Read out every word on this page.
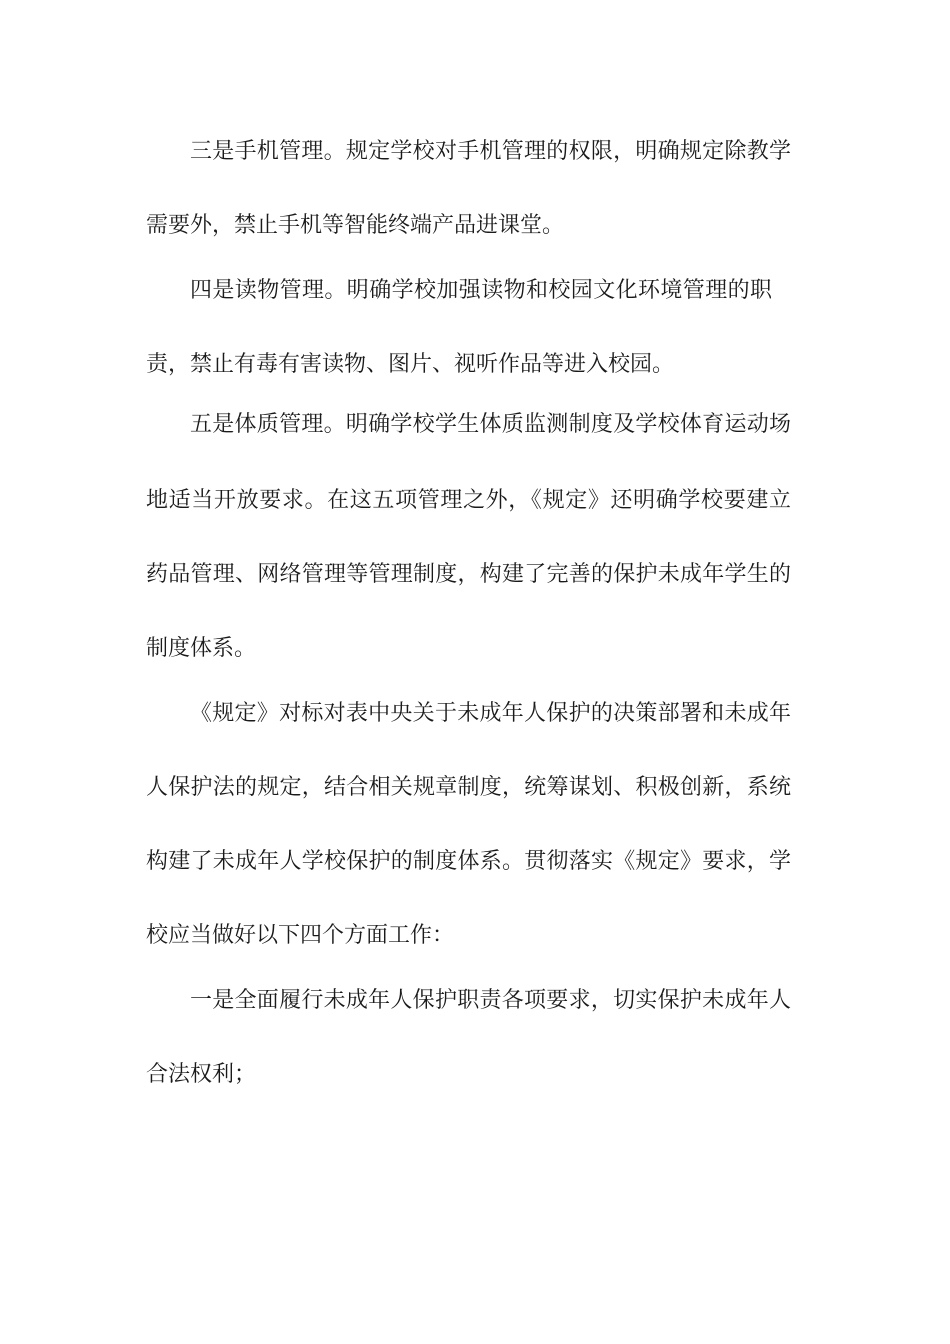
三是手机管理。规定学校对手机管理的权限，明确规定除教学
需要外，禁止手机等智能终端产品进课堂。
四是读物管理。明确学校加强读物和校园文化环境管理的职
责，禁止有毒有害读物、图片、视听作品等进入校园。
五是体质管理。明确学校学生体质监测制度及学校体育运动场
地适当开放要求。在这五项管理之外，《规定》还明确学校要建立
药品管理、网络管理等管理制度，构建了完善的保护未成年学生的
制度体系。
《规定》对标对表中央关于未成年人保护的决策部署和未成年
人保护法的规定，结合相关规章制度，统筹谋划、积极创新，系统
构建了未成年人学校保护的制度体系。贯彻落实《规定》要求，学
校应当做好以下四个方面工作：
一是全面履行未成年人保护职责各项要求，切实保护未成年人
合法权利；
